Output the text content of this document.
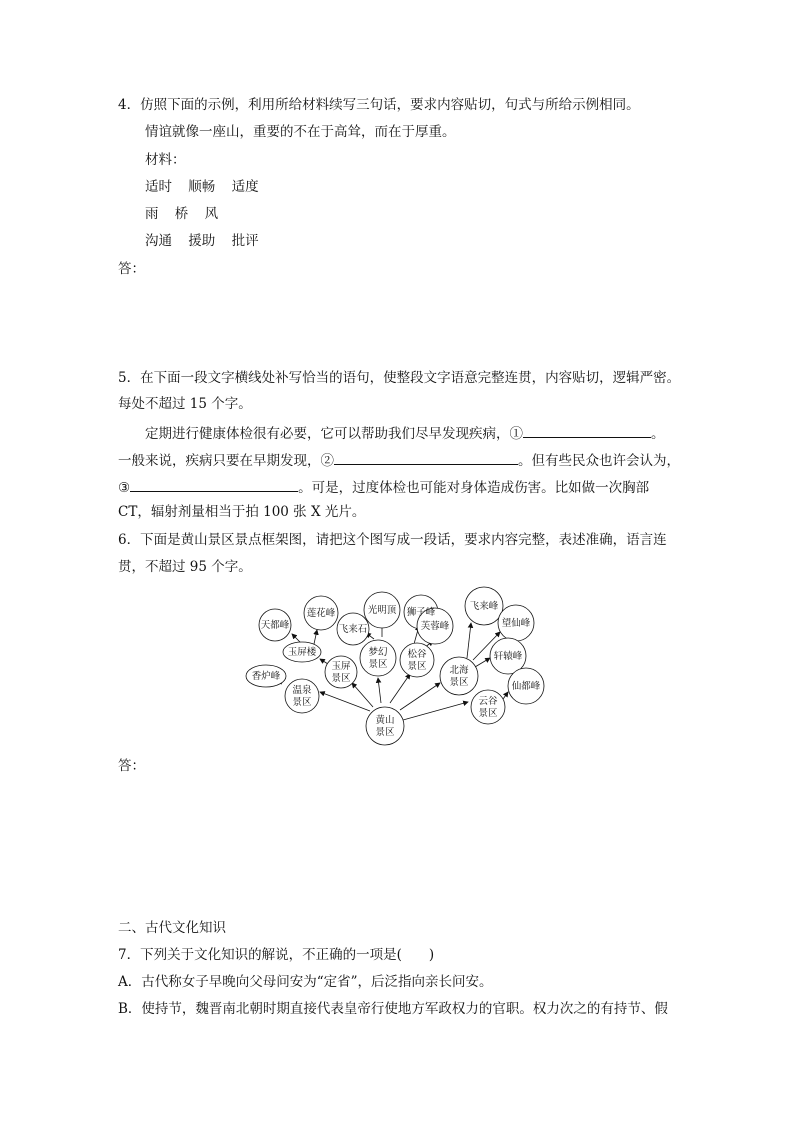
4．仿照下面的示例，利用所给材料续写三句话，要求内容贴切，句式与所给示例相同。
情谊就像一座山，重要的不在于高耸，而在于厚重。
材料：
适时 顺畅 适度
雨 桥 风
沟通 援助 批评
答：
5．在下面一段文字横线处补写恰当的语句，使整段文字语意完整连贯，内容贴切，逻辑严密。
每处不超过 15 个字。
定期进行健康体检很有必要，它可以帮助我们尽早发现疾病，①	。
一般来说，疾病只要在早期发现，②	。但有些民众也许会认为，
③	。可是，过度体检也可能对身体造成伤害。比如做一次胸部
CT，辐射剂量相当于拍 100 张 X 光片。
6．下面是黄山景区景点框架图，请把这个图写成一段话，要求内容完整，表述准确，语言连
贯，不超过 95 个字。
黄山
景区
温泉
景区
玉屏
景区
梦幻
景区
松谷
景区 北海
景区
云谷
景区
香炉峰
玉屏楼
天都峰
莲花峰
飞来石
光明顶 狮子峰
芙蓉峰
飞来峰
望仙峰
轩辕峰
仙都峰
答：
二、古代文化知识
7．下列关于文化知识的解说，不正确的一项是(　　)
A．古代称女子早晚向父母问安为“定省”，后泛指向亲长问安。
B．使持节，魏晋南北朝时期直接代表皇帝行使地方军政权力的官职。权力次之的有持节、假
